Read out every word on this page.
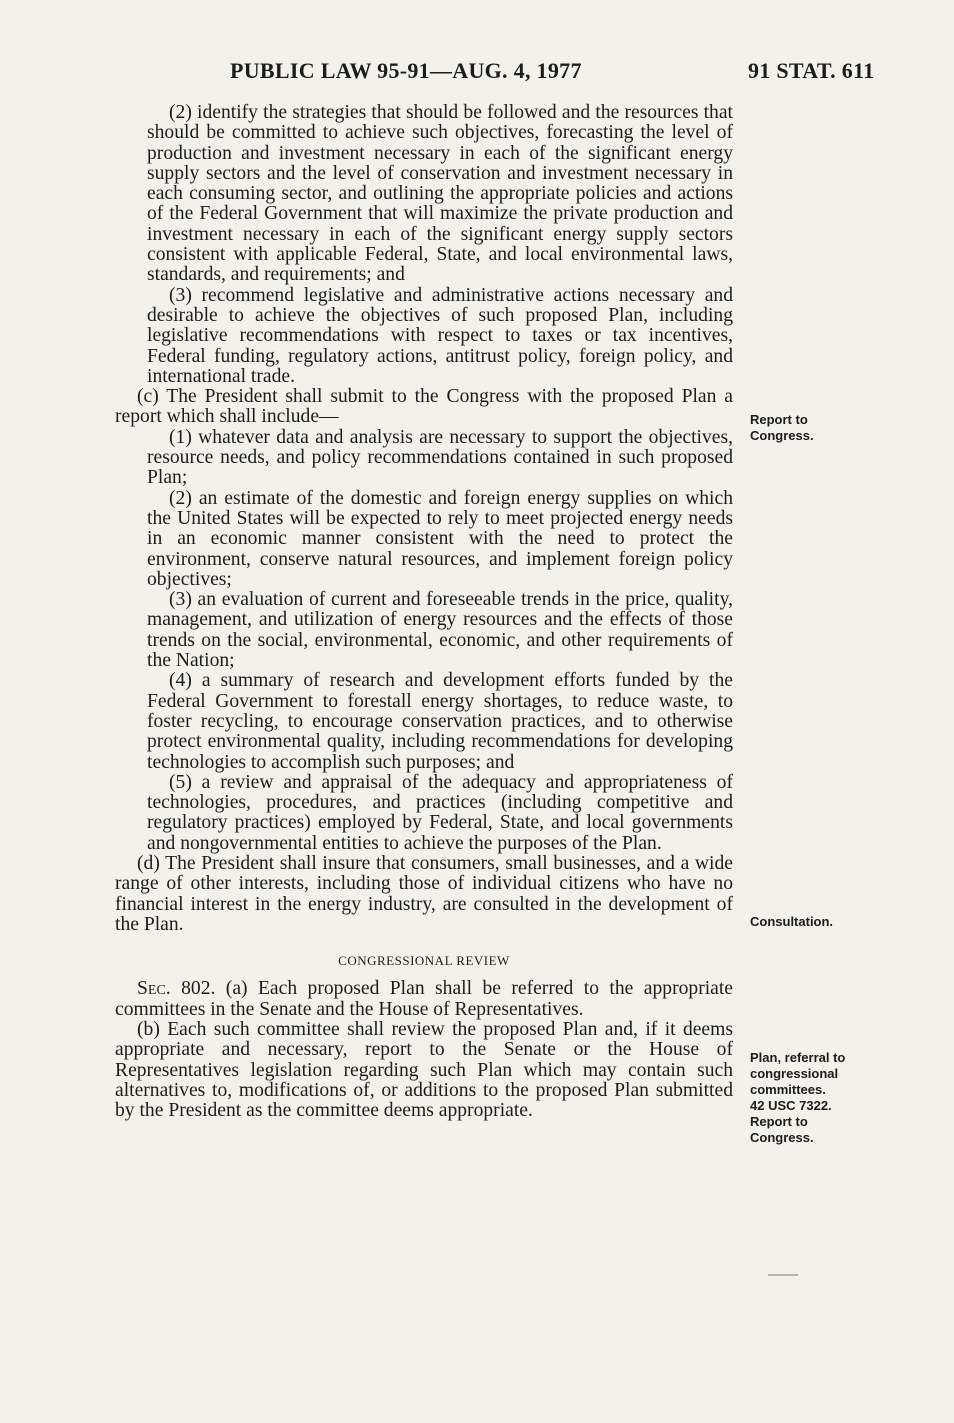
PUBLIC LAW 95-91—AUG. 4, 1977	91 STAT. 611

(2) identify the strategies that should be followed and the resources that should be committed to achieve such objectives, forecasting the level of production and investment necessary in each of the significant energy supply sectors and the level of conservation and investment necessary in each consuming sector, and outlining the appropriate policies and actions of the Federal Government that will maximize the private production and investment necessary in each of the significant energy supply sectors consistent with applicable Federal, State, and local environmental laws, standards, and requirements; and

(3) recommend legislative and administrative actions necessary and desirable to achieve the objectives of such proposed Plan, including legislative recommendations with respect to taxes or tax incentives, Federal funding, regulatory actions, antitrust policy, foreign policy, and international trade.

(c) The President shall submit to the Congress with the proposed Plan a report which shall include—

(1) whatever data and analysis are necessary to support the objectives, resource needs, and policy recommendations contained in such proposed Plan;

(2) an estimate of the domestic and foreign energy supplies on which the United States will be expected to rely to meet projected energy needs in an economic manner consistent with the need to protect the environment, conserve natural resources, and implement foreign policy objectives;

(3) an evaluation of current and foreseeable trends in the price, quality, management, and utilization of energy resources and the effects of those trends on the social, environmental, economic, and other requirements of the Nation;

(4) a summary of research and development efforts funded by the Federal Government to forestall energy shortages, to reduce waste, to foster recycling, to encourage conservation practices, and to otherwise protect environmental quality, including recommendations for developing technologies to accomplish such purposes; and

(5) a review and appraisal of the adequacy and appropriateness of technologies, procedures, and practices (including competitive and regulatory practices) employed by Federal, State, and local governments and nongovernmental entities to achieve the purposes of the Plan.

(d) The President shall insure that consumers, small businesses, and a wide range of other interests, including those of individual citizens who have no financial interest in the energy industry, are consulted in the development of the Plan.

CONGRESSIONAL REVIEW

Sec. 802. (a) Each proposed Plan shall be referred to the appropriate committees in the Senate and the House of Representatives.

(b) Each such committee shall review the proposed Plan and, if it deems appropriate and necessary, report to the Senate or the House of Representatives legislation regarding such Plan which may contain such alternatives to, modifications of, or additions to the proposed Plan submitted by the President as the committee deems appropriate.

Report to
Congress.
Consultation.
Plan, referral to
congressional
committees.
42 USC 7322.
Report to
Congress.
